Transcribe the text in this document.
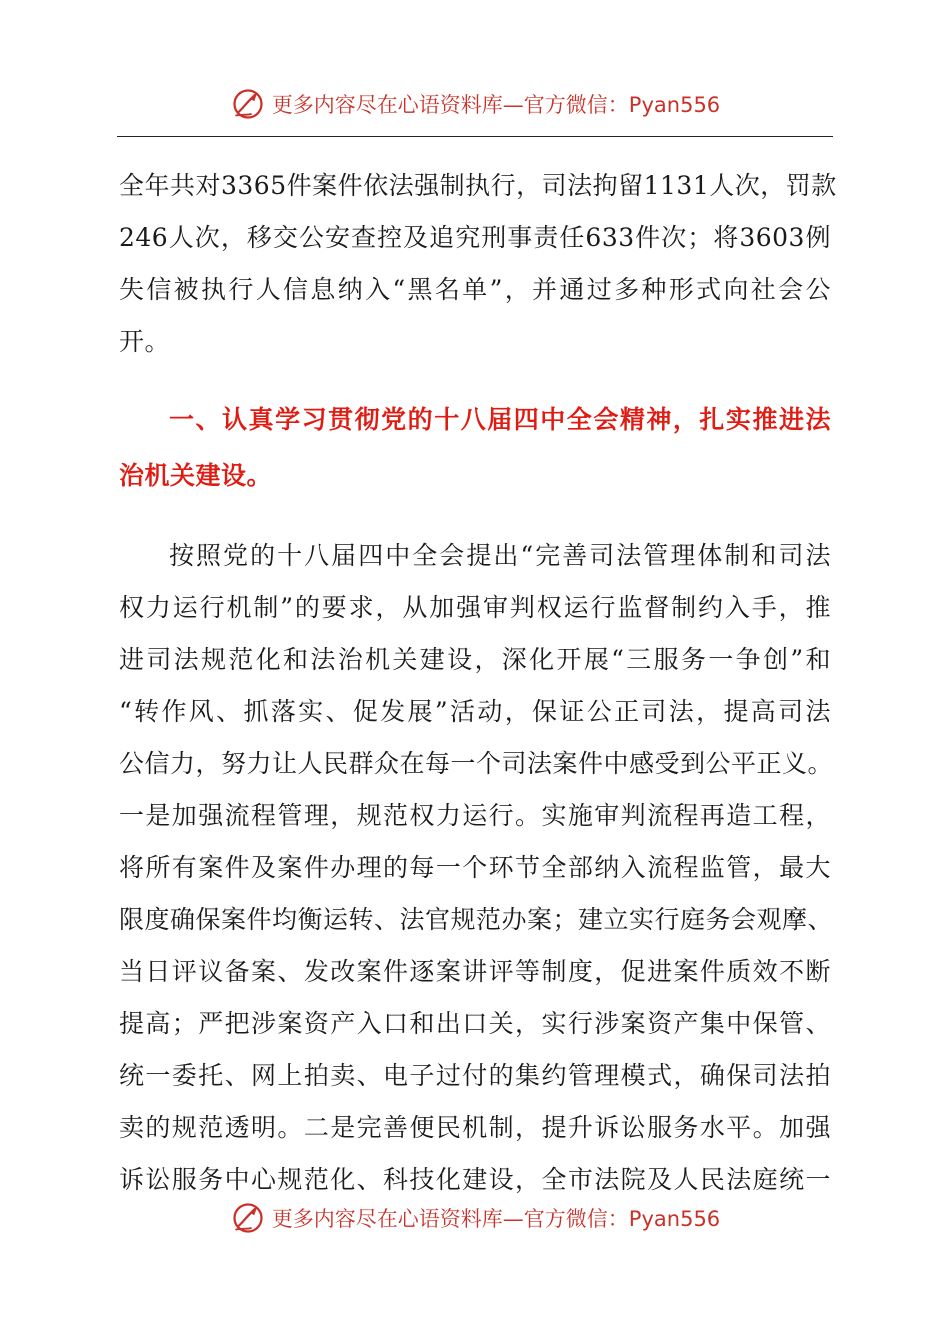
更多内容尽在心语资料库—官方微信：Pyan556
全年共对3365件案件依法强制执行，司法拘留1131人次，罚款
246人次，移交公安查控及追究刑事责任633件次；将3603例
失信被执行人信息纳入“黑名单”，并通过多种形式向社会公
开。
一、认真学习贯彻党的十八届四中全会精神，扎实推进法
治机关建设。
按照党的十八届四中全会提出“完善司法管理体制和司法
权力运行机制”的要求，从加强审判权运行监督制约入手，推
进司法规范化和法治机关建设，深化开展“三服务一争创”和
“转作风、抓落实、促发展”活动，保证公正司法，提高司法
公信力，努力让人民群众在每一个司法案件中感受到公平正义。
一是加强流程管理，规范权力运行。实施审判流程再造工程，
将所有案件及案件办理的每一个环节全部纳入流程监管，最大
限度确保案件均衡运转、法官规范办案；建立实行庭务会观摩、
当日评议备案、发改案件逐案讲评等制度，促进案件质效不断
提高；严把涉案资产入口和出口关，实行涉案资产集中保管、
统一委托、网上拍卖、电子过付的集约管理模式，确保司法拍
卖的规范透明。二是完善便民机制，提升诉讼服务水平。加强
诉讼服务中心规范化、科技化建设，全市法院及人民法庭统一
更多内容尽在心语资料库—官方微信：Pyan556
